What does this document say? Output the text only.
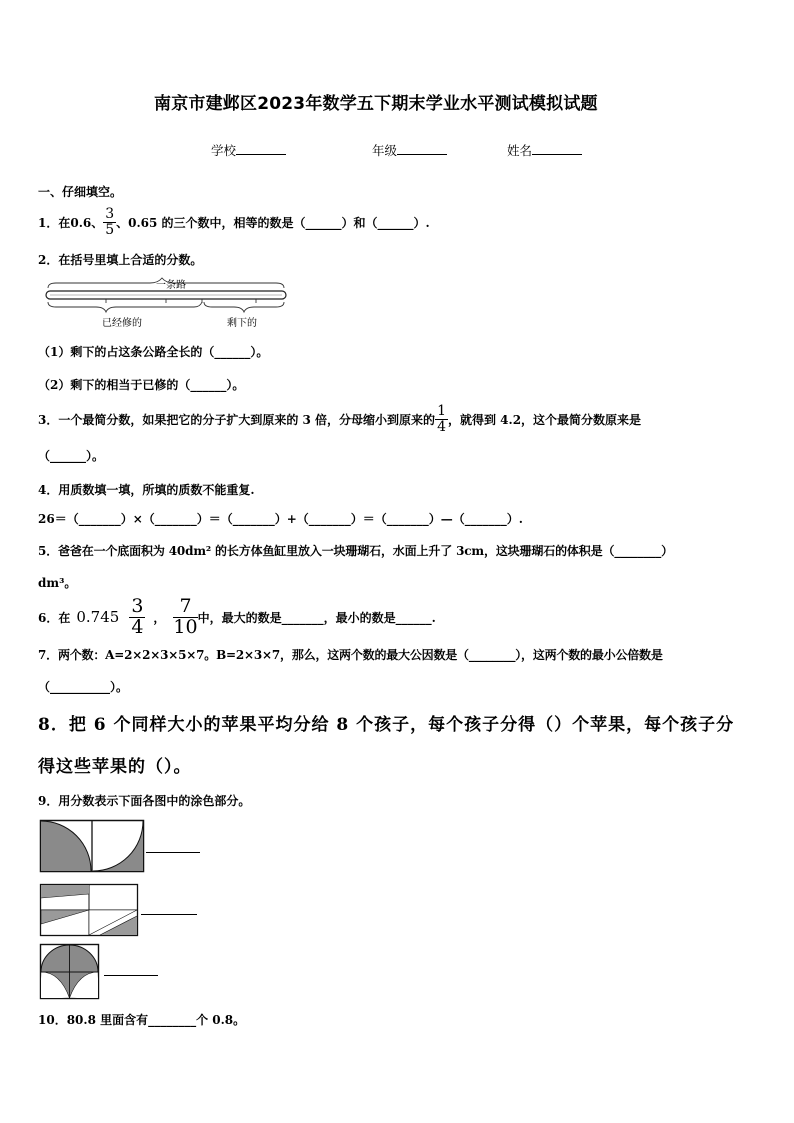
南京市建邺区2023年数学五下期末学业水平测试模拟试题
学校	年级	姓名
一、仔细填空。
1．在0.6、 $\frac{3}{5}$ 、0.65 的三个数中，相等的数是（______）和（______）.
2．在括号里填上合适的分数。
一条路
已经修的	剩下的
（1）剩下的占这条公路全长的（______）。
（2）剩下的相当于已修的（______）。
3．一个最简分数，如果把它的分子扩大到原来的 3 倍，分母缩小到原来的 $\frac{1}{4}$ ，就得到 4.2，这个最简分数原来是
（______）。
4．用质数填一填，所填的质数不能重复.
26＝（_______）×（_______）＝（_______）+（_______）＝（_______）—（_______）.
5．爸爸在一个底面积为 40dm² 的长方体鱼缸里放入一块珊瑚石，水面上升了 3cm，这块珊瑚石的体积是（________）
dm³。
6．在 $0.745 \frac{3}{4}$ ， $\frac{7}{10}$ 中，最大的数是_______，最小的数是______.
7．两个数：A=2×2×3×5×7。B=2×3×7，那么，这两个数的最大公因数是（________），这两个数的最小公倍数是
（__________）。
8．把 6 个同样大小的苹果平均分给 8 个孩子，每个孩子分得（）个苹果，每个孩子分
得这些苹果的（）。
9．用分数表示下面各图中的涂色部分。
10．80.8 里面含有________个 0.8。
